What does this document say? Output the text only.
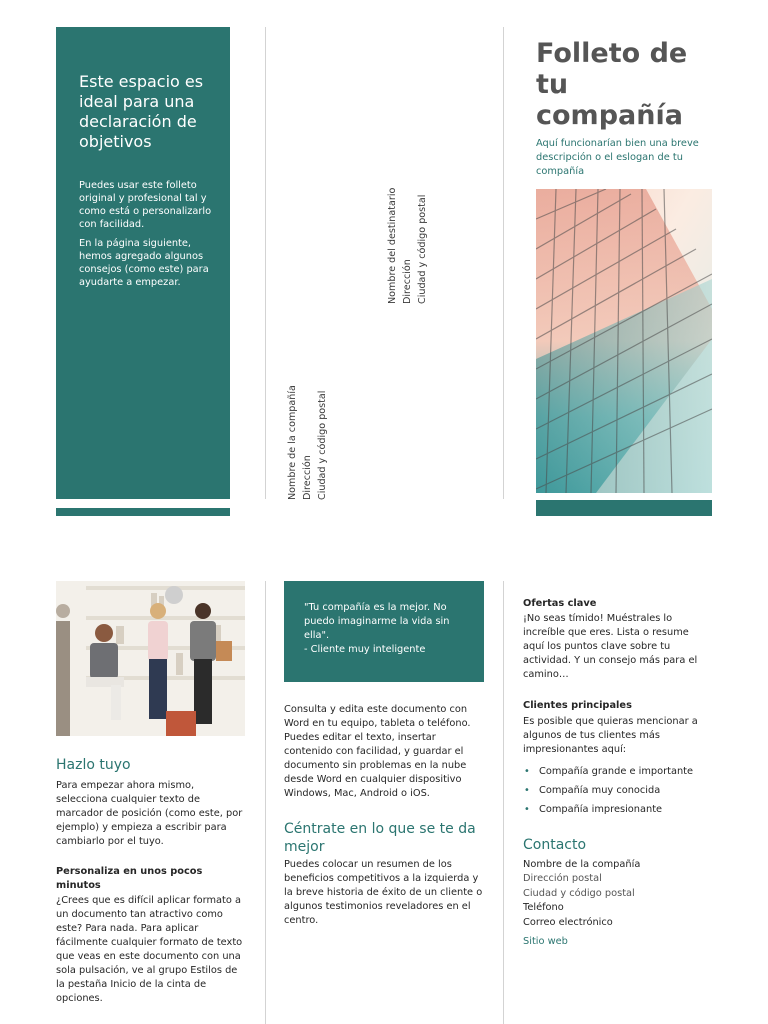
Este espacio es ideal para una declaración de objetivos

Puedes usar este folleto original y profesional tal y como está o personalizarlo con facilidad.

En la página siguiente, hemos agregado algunos consejos (como este) para ayudarte a empezar.	Nombre del destinatario Dirección Ciudad y código postal
Nombre de la compañía Dirección Ciudad y código postal
Folleto de
tu
compañía
Aquí funcionarían bien una breve descripción o el eslogan de tu compañía
Hazlo tuyo
Para empezar ahora mismo, selecciona cualquier texto de marcador de posición (como este, por ejemplo) y empieza a escribir para cambiarlo por el tuyo.
Personaliza en unos pocos minutos
¿Crees que es difícil aplicar formato a un documento tan atractivo como este? Para nada. Para aplicar fácilmente cualquier formato de texto que veas en este documento con una sola pulsación, ve al grupo Estilos de la pestaña Inicio de la cinta de opciones.
"Tu compañía es la mejor. No puedo imaginarme la vida sin ella".
- Cliente muy inteligente
Consulta y edita este documento con Word en tu equipo, tableta o teléfono. Puedes editar el texto, insertar contenido con facilidad, y guardar el documento sin problemas en la nube desde Word en cualquier dispositivo Windows, Mac, Android o iOS.
Céntrate en lo que se te da mejor
Puedes colocar un resumen de los beneficios competitivos a la izquierda y la breve historia de éxito de un cliente o algunos testimonios reveladores en el centro.
Ofertas clave
¡No seas tímido! Muéstrales lo increíble que eres. Lista o resume aquí los puntos clave sobre tu actividad. Y un consejo más para el camino…
Clientes principales
Es posible que quieras mencionar a algunos de tus clientes más impresionantes aquí:
• Compañía grande e importante
• Compañía muy conocida
• Compañía impresionante
Contacto
Nombre de la compañía
Dirección postal
Ciudad y código postal
Teléfono
Correo electrónico
Sitio web
